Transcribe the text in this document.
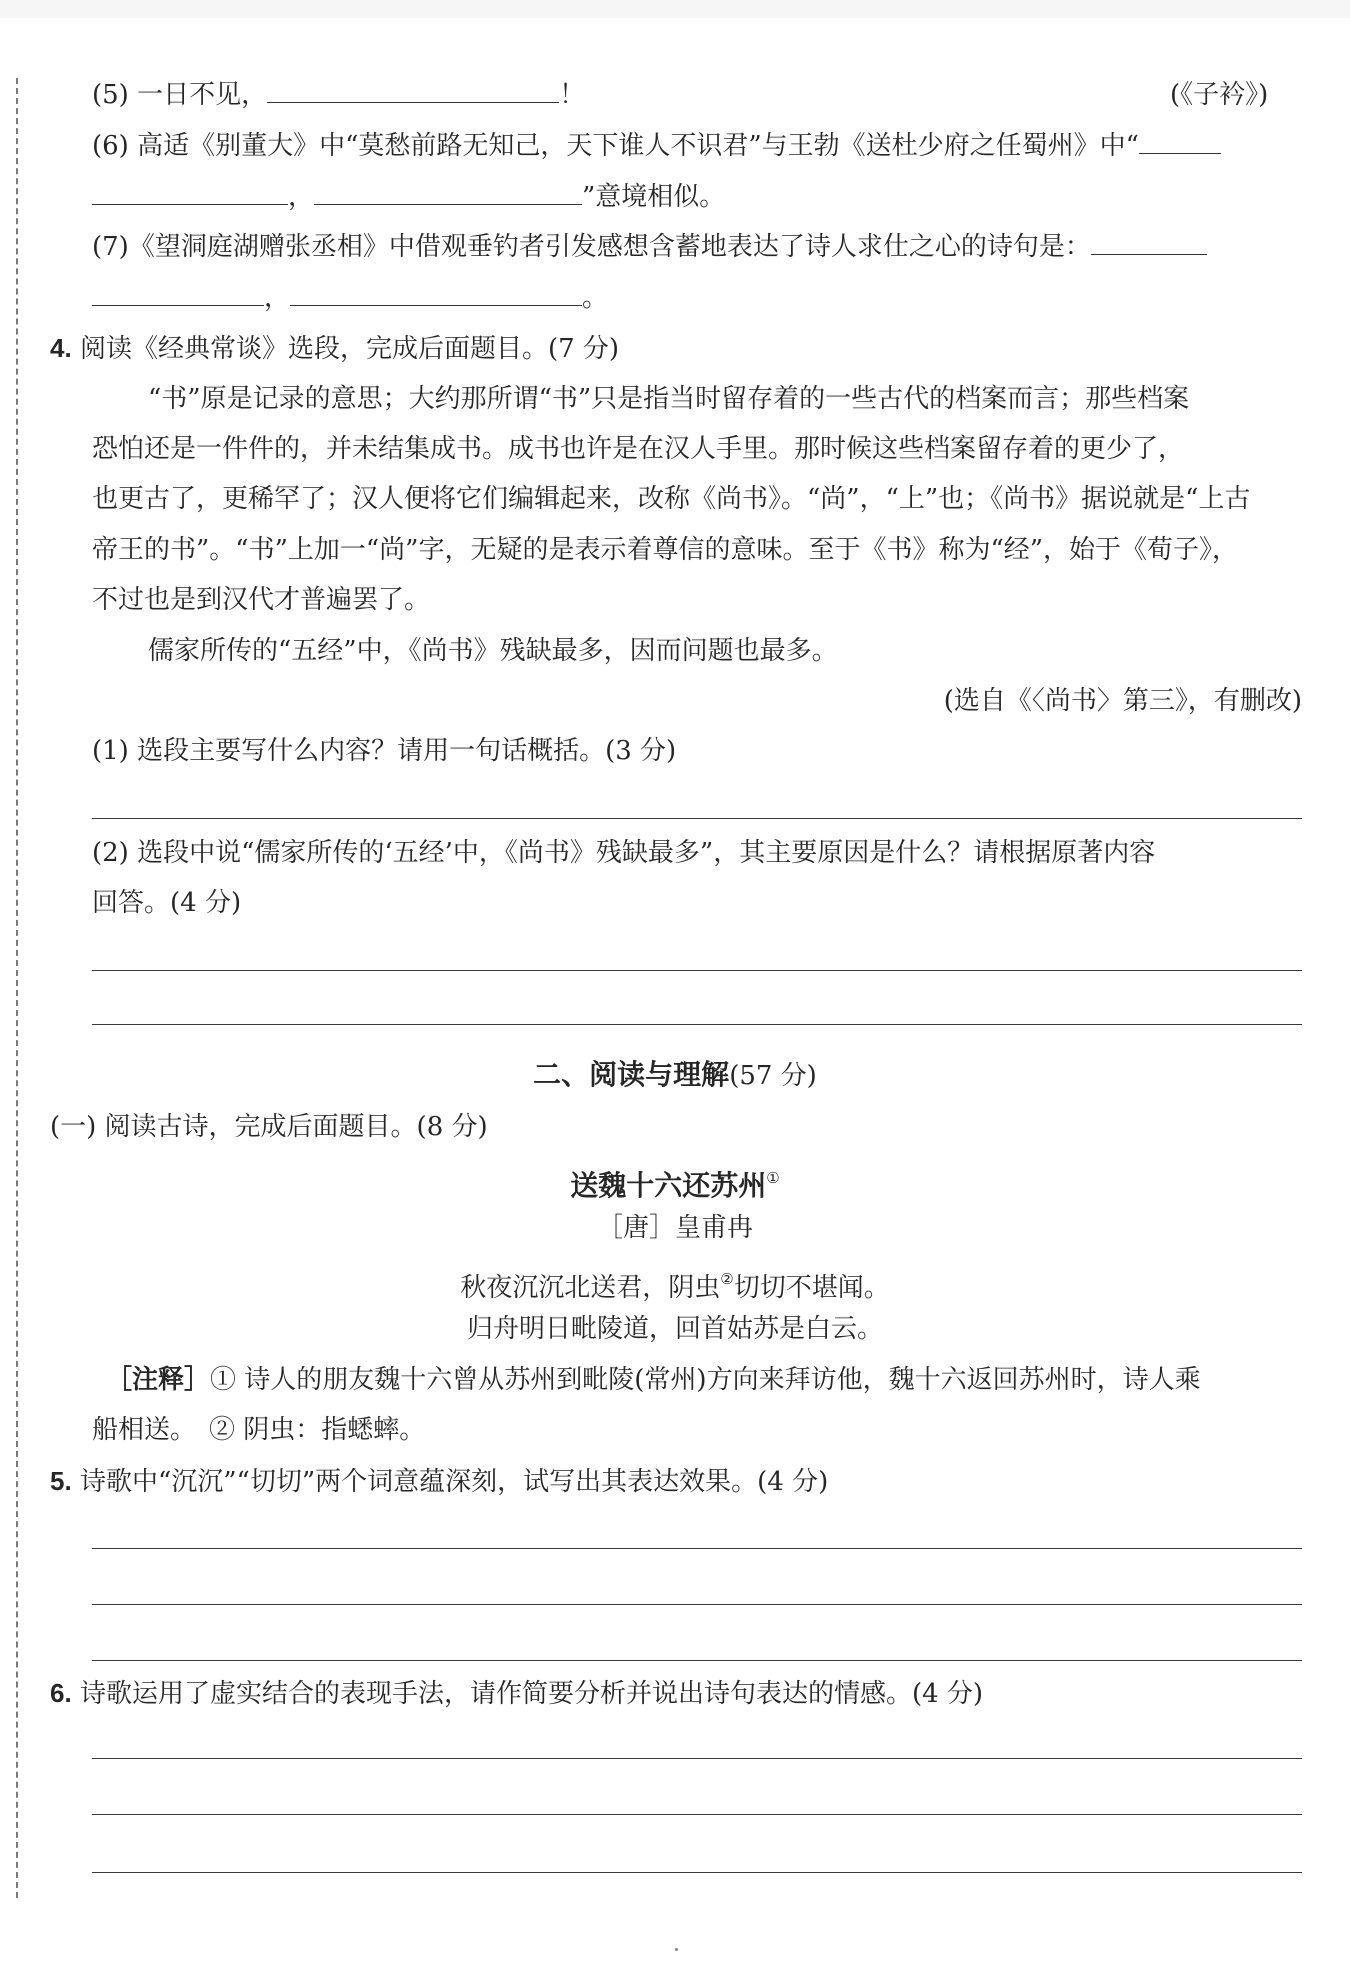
(5) 一日不见，	！	(《子衿》)
(6) 高适《别董大》中“莫愁前路无知己，天下谁人不识君”与王勃《送杜少府之任蜀州》中“
，	”意境相似。
(7)《望洞庭湖赠张丞相》中借观垂钓者引发感想含蓄地表达了诗人求仕之心的诗句是：
，	。
4. 阅读《经典常谈》选段，完成后面题目。(7 分)
“书”原是记录的意思；大约那所谓“书”只是指当时留存着的一些古代的档案而言；那些档案
恐怕还是一件件的，并未结集成书。成书也许是在汉人手里。那时候这些档案留存着的更少了，
也更古了，更稀罕了；汉人便将它们编辑起来，改称《尚书》。“尚”，“上”也；《尚书》据说就是“上古
帝王的书”。“书”上加一“尚”字，无疑的是表示着尊信的意味。至于《书》称为“经”，始于《荀子》，
不过也是到汉代才普遍罢了。
儒家所传的“五经”中，《尚书》残缺最多，因而问题也最多。
(选自《〈尚书〉第三》，有删改)
(1) 选段主要写什么内容？请用一句话概括。(3 分)
(2) 选段中说“儒家所传的‘五经’中，《尚书》残缺最多”，其主要原因是什么？请根据原著内容
回答。(4 分)
二、阅读与理解(57 分)
(一) 阅读古诗，完成后面题目。(8 分)
送魏十六还苏州①
［唐］皇甫冉
秋夜沉沉北送君，阴虫②切切不堪闻。
归舟明日毗陵道，回首姑苏是白云。
［注释］① 诗人的朋友魏十六曾从苏州到毗陵(常州)方向来拜访他，魏十六返回苏州时，诗人乘
船相送。　② 阴虫：指蟋蟀。
5. 诗歌中“沉沉”“切切”两个词意蕴深刻，试写出其表达效果。(4 分)
6. 诗歌运用了虚实结合的表现手法，请作简要分析并说出诗句表达的情感。(4 分)
